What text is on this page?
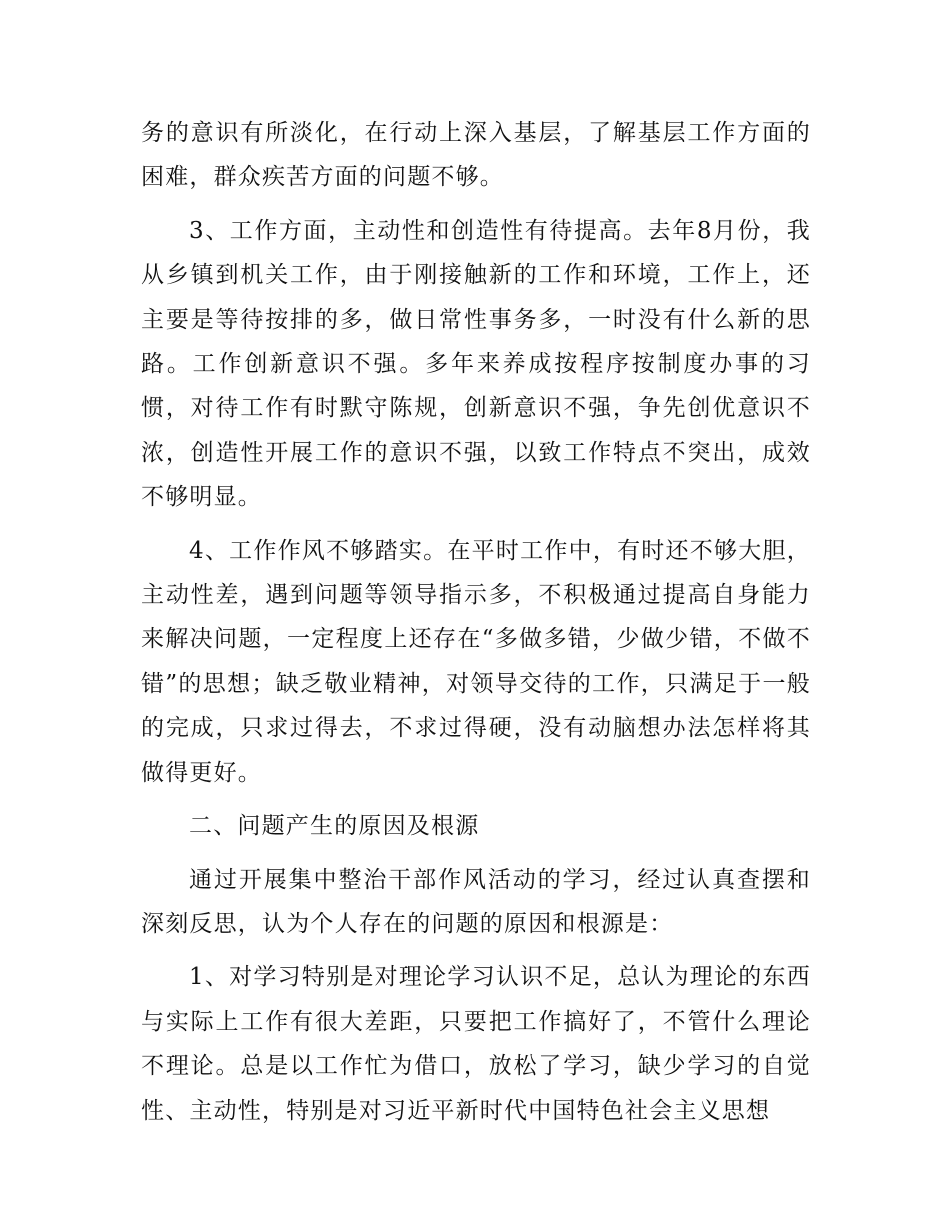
务的意识有所淡化，在行动上深入基层，了解基层工作方面的困难，群众疾苦方面的问题不够。

3、工作方面，主动性和创造性有待提高。去年8月份，我从乡镇到机关工作，由于刚接触新的工作和环境，工作上，还主要是等待按排的多，做日常性事务多，一时没有什么新的思路。工作创新意识不强。多年来养成按程序按制度办事的习惯，对待工作有时默守陈规，创新意识不强，争先创优意识不浓，创造性开展工作的意识不强，以致工作特点不突出，成效不够明显。

4、工作作风不够踏实。在平时工作中，有时还不够大胆，主动性差，遇到问题等领导指示多，不积极通过提高自身能力来解决问题，一定程度上还存在“多做多错，少做少错，不做不错”的思想；缺乏敬业精神，对领导交待的工作，只满足于一般的完成，只求过得去，不求过得硬，没有动脑想办法怎样将其做得更好。

二、问题产生的原因及根源

通过开展集中整治干部作风活动的学习，经过认真查摆和深刻反思，认为个人存在的问题的原因和根源是：

1、对学习特别是对理论学习认识不足，总认为理论的东西与实际上工作有很大差距，只要把工作搞好了，不管什么理论不理论。总是以工作忙为借口，放松了学习，缺少学习的自觉性、主动性，特别是对习近平新时代中国特色社会主义思想
